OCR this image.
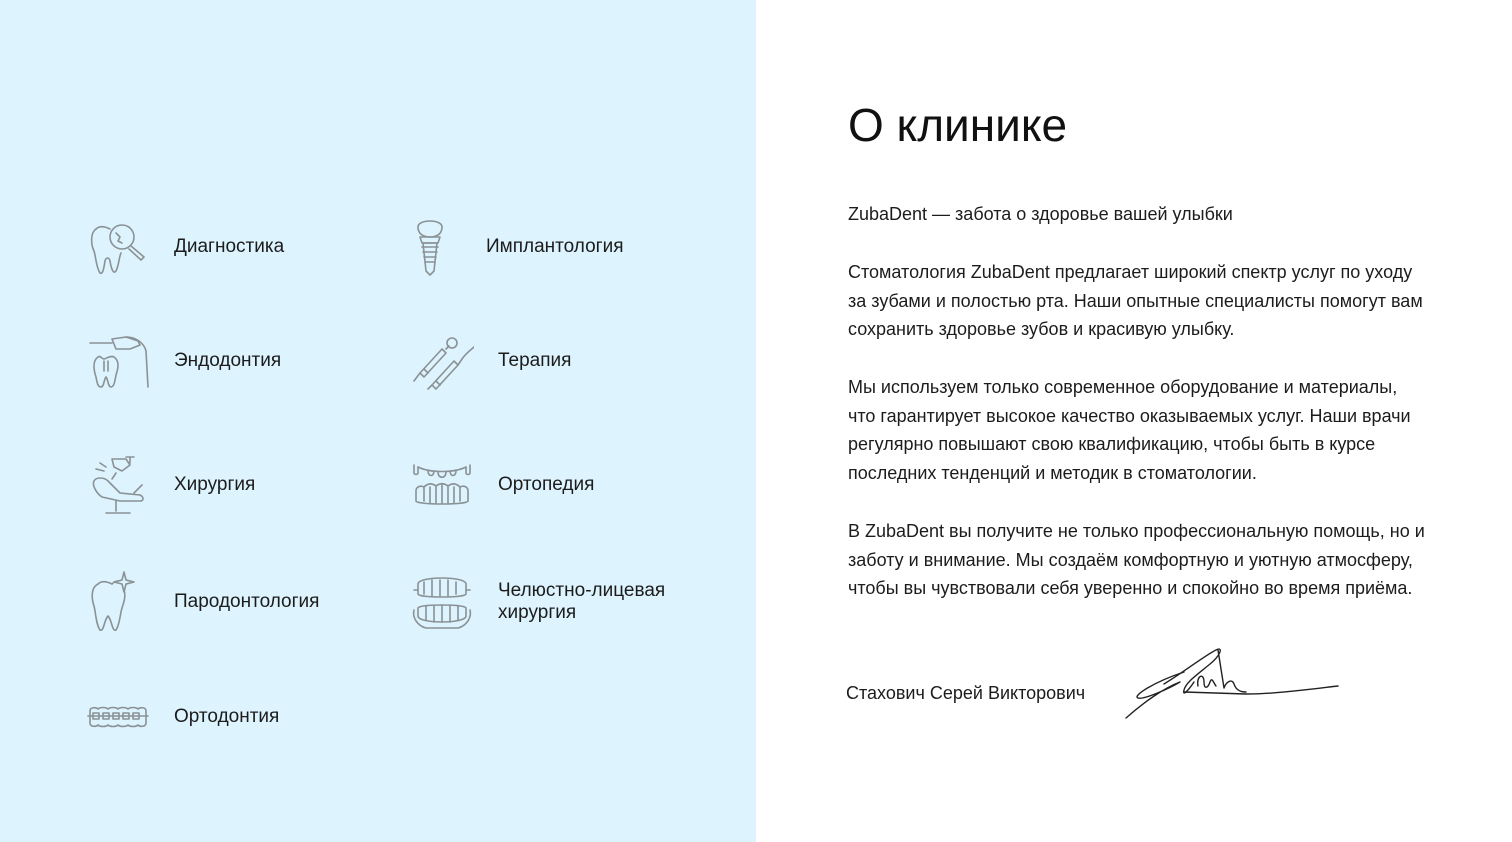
Диагностика	Имплантология
Эндодонтия	Терапия
Хирургия	Ортопедия
Пародонтология
Челюстно-лицевая хирургия
Ортодонтия
О клинике
ZubaDent — забота о здоровье вашей улыбки

Стоматология ZubaDent предлагает широкий спектр услуг по уходу за зубами и полостью рта. Наши опытные специалисты помогут вам сохранить здоровье зубов и красивую улыбку.

Мы используем только современное оборудование и материалы, что гарантирует высокое качество оказываемых услуг. Наши врачи регулярно повышают свою квалификацию, чтобы быть в курсе последних тенденций и методик в стоматологии.

В ZubaDent вы получите не только профессиональную помощь, но и заботу и внимание. Мы создаём комфортную и уютную атмосферу, чтобы вы чувствовали себя уверенно и спокойно во время приёма.

Стахович Серей Викторович
